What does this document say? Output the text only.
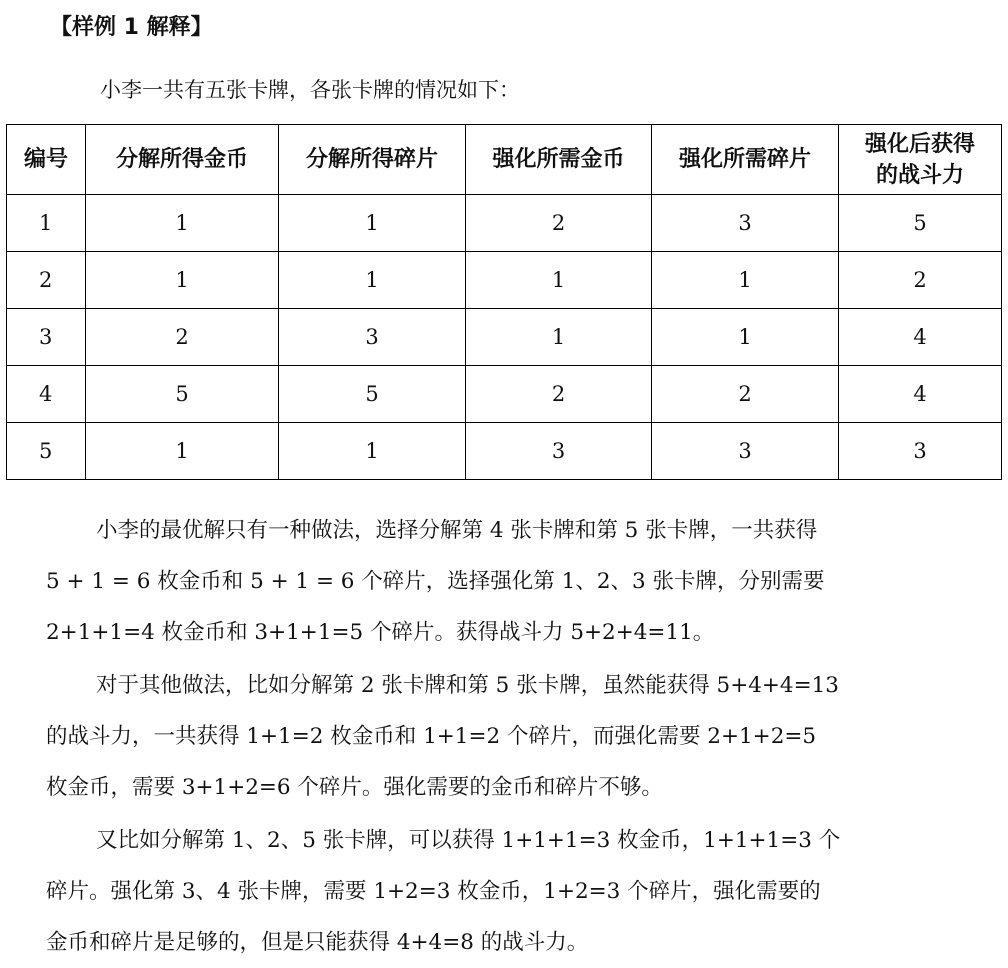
【样例 1 解释】
小李一共有五张卡牌，各张卡牌的情况如下：
编号	分解所得金币	分解所得碎片	强化所需金币	强化所需碎片	强化后获得
的战斗力
1	1	1	2	3	5
2	1	1	1	1	2
3	2	3	1	1	4
4	5	5	2	2	4
5	1	1	3	3	3
小李的最优解只有一种做法，选择分解第 4 张卡牌和第 5 张卡牌，一共获得
5 + 1 = 6 枚金币和 5 + 1 = 6 个碎片，选择强化第 1、2、3 张卡牌，分别需要
2+1+1=4 枚金币和 3+1+1=5 个碎片。获得战斗力 5+2+4=11。
对于其他做法，比如分解第 2 张卡牌和第 5 张卡牌，虽然能获得 5+4+4=13
的战斗力，一共获得 1+1=2 枚金币和 1+1=2 个碎片，而强化需要 2+1+2=5
枚金币，需要 3+1+2=6 个碎片。强化需要的金币和碎片不够。
又比如分解第 1、2、5 张卡牌，可以获得 1+1+1=3 枚金币，1+1+1=3 个
碎片。强化第 3、4 张卡牌，需要 1+2=3 枚金币，1+2=3 个碎片，强化需要的
金币和碎片是足够的，但是只能获得 4+4=8 的战斗力。
